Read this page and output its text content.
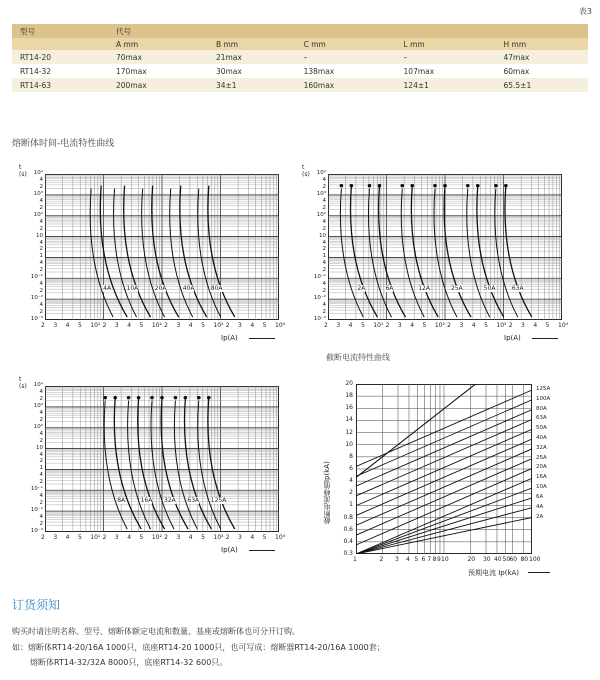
表3
型号	代号				
	A mm	B mm	C mm	L mm	H mm
RT14-20	70max	21max	–	–	47max
RT14-32	170max	30max	138max	107max	60max
RT14-63	200max	34±1	160max	124±1	65.5±1
熔断体时间-电流特性曲线
截断电流特性曲线
4A	10A	20A	40A	80A
10⁴
4
2
10³
4
2
10²
4
2
10
4
2
1
4
2
10⁻¹
4
2
10⁻²
4
2
10⁻³
2 3 4 5 10¹ 2 3 4 5 10² 2 3 4 5 10³ 2 3 4 5 10⁴
t
(s)
Ip(A)
2A	6A	12A	25A	50A	63A
10⁴
4
2
10³
4
2
10²
4
2
10
4
2
1
4
2
10⁻¹
4
2
10⁻²
4
2
10⁻³
2 3 4 5 10¹ 2 3 4 5 10² 2 3 4 5 10³ 2 3 4 5 10⁴
t
(s)
Ip(A)
8A	16A 32A 63A 125A
10⁴
4
2
10³
4
2
10²
4
2
10
4
2
1
4
2
10⁻¹
4
2
10⁻²
4
2
10⁻³
2 3 4 5 10¹ 2 3 4 5 10² 2 3 4 5 10³ 2 3 4 5 10⁴
t
(s)
Ip(A)
125A
100A
80A
63A
50A
40A
32A
25A
20A
16A
10A
6A
4A
2A
20
18
16
14
12
10
8
6
4
2
1
0.8
0.6
0.4
0.3
1	2 3 4 5 6 7 8 9 10	20 30 40 50 60 80 100
截断电流峰值Ip(kA)
预期电流 Ip(kA)
订货须知
购买时请注明名称、型号、熔断体额定电流和数量、基座或熔断体也可分开订购。
如：熔断体RT14-20/16A 1000只，底座RT14-20 1000只，也可写成：熔断器RT14-20/16A 1000套；
熔断体RT14-32/32A 8000只，底座RT14-32 600只。
